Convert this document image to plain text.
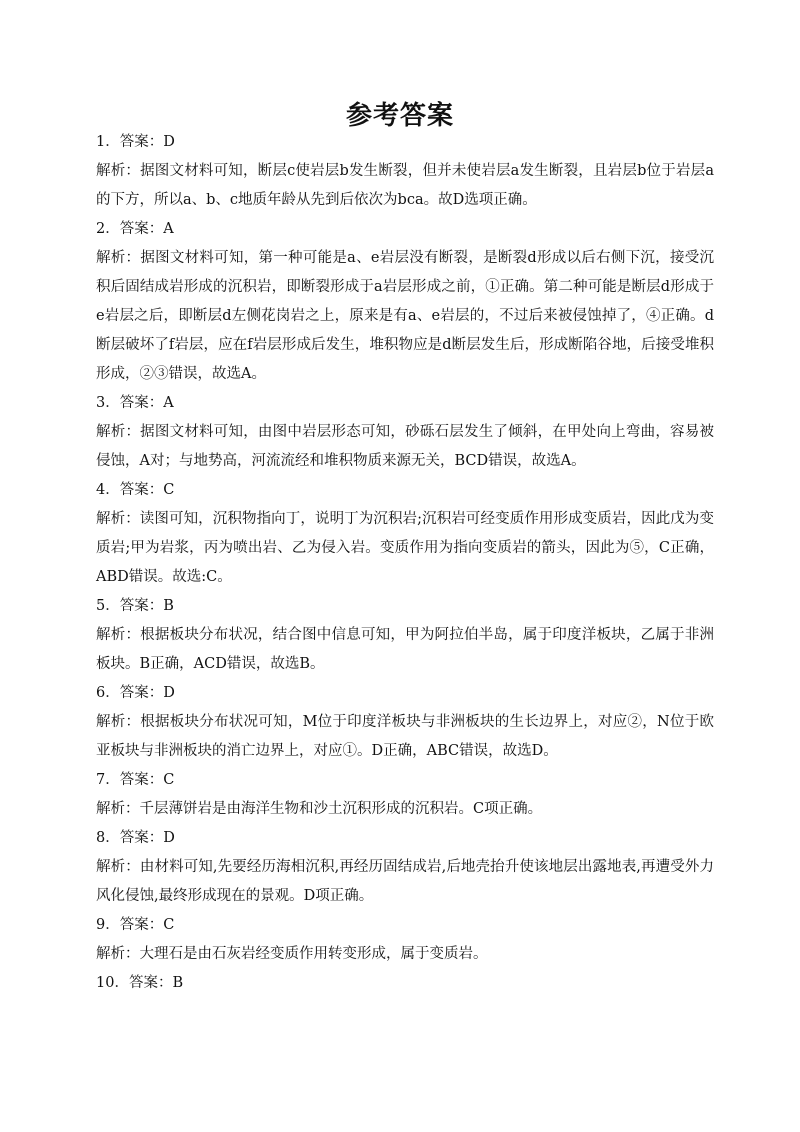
参考答案

1．答案：D

解析：据图文材料可知，断层c使岩层b发生断裂，但并未使岩层a发生断裂，且岩层b位于岩层a的下方，所以a、b、c地质年龄从先到后依次为bca。故D选项正确。

2．答案：A

解析：据图文材料可知，第一种可能是a、e岩层没有断裂，是断裂d形成以后右侧下沉，接受沉积后固结成岩形成的沉积岩，即断裂形成于a岩层形成之前，①正确。第二种可能是断层d形成于e岩层之后，即断层d左侧花岗岩之上，原来是有a、e岩层的，不过后来被侵蚀掉了，④正确。d断层破坏了f岩层，应在f岩层形成后发生，堆积物应是d断层发生后，形成断陷谷地，后接受堆积形成，②③错误，故选A。

3．答案：A

解析：据图文材料可知，由图中岩层形态可知，砂砾石层发生了倾斜，在甲处向上弯曲，容易被侵蚀，A对；与地势高，河流流经和堆积物质来源无关，BCD错误，故选A。

4．答案：C

解析：读图可知，沉积物指向丁，说明丁为沉积岩;沉积岩可经变质作用形成变质岩，因此戊为变质岩;甲为岩浆，丙为喷出岩、乙为侵入岩。变质作用为指向变质岩的箭头，因此为⑤，C正确，ABD错误。故选:C。

5．答案：B

解析：根据板块分布状况，结合图中信息可知，甲为阿拉伯半岛，属于印度洋板块，乙属于非洲板块。B正确，ACD错误，故选B。

6．答案：D

解析：根据板块分布状况可知，M位于印度洋板块与非洲板块的生长边界上，对应②，N位于欧亚板块与非洲板块的消亡边界上，对应①。D正确，ABC错误，故选D。

7．答案：C

解析：千层薄饼岩是由海洋生物和沙土沉积形成的沉积岩。C项正确。

8．答案：D

解析：由材料可知,先要经历海相沉积,再经历固结成岩,后地壳抬升使该地层出露地表,再遭受外力风化侵蚀,最终形成现在的景观。D项正确。

9．答案：C

解析：大理石是由石灰岩经变质作用转变形成，属于变质岩。

10．答案：B
